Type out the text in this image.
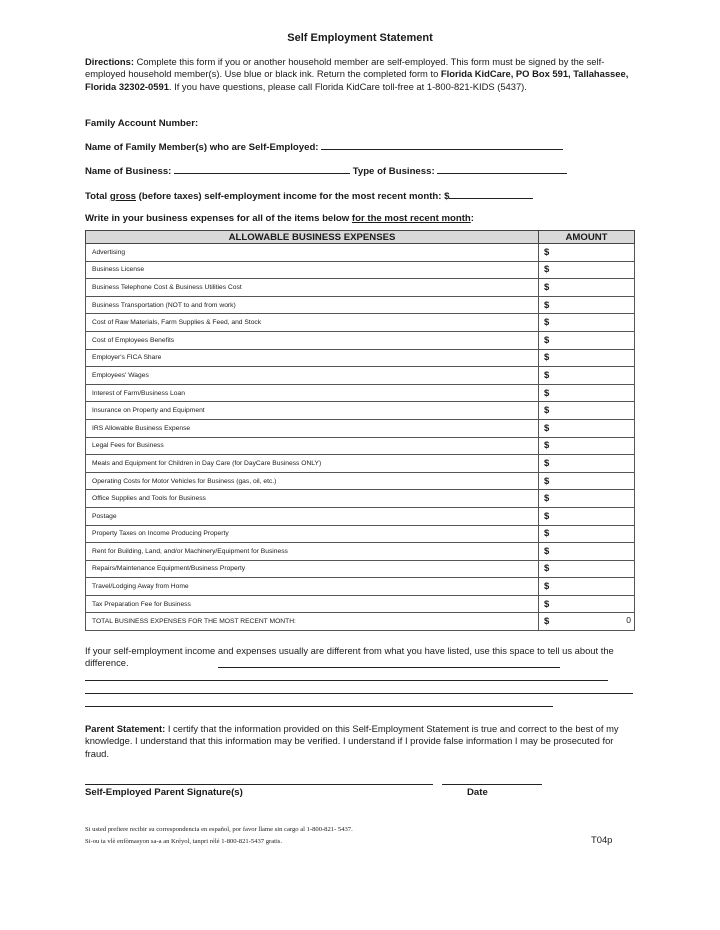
Self Employment Statement
Directions: Complete this form if you or another household member are self-employed. This form must be signed by the self-employed household member(s). Use blue or black ink. Return the completed form to Florida KidCare, PO Box 591, Tallahassee, Florida 32302-0591. If you have questions, please call Florida KidCare toll-free at 1-800-821-KIDS (5437).
Family Account Number:
Name of Family Member(s) who are Self-Employed:
Name of Business:	Type of Business:
Total gross (before taxes) self-employment income for the most recent month: $
Write in your business expenses for all of the items below for the most recent month:
ALLOWABLE BUSINESS EXPENSES	AMOUNT
Advertising	$
Business License	$
Business Telephone Cost & Business Utilities Cost	$
Business Transportation (NOT to and from work)	$
Cost of Raw Materials, Farm Supplies & Feed, and Stock	$
Cost of Employees Benefits	$
Employer's FICA Share	$
Employees' Wages	$
Interest of Farm/Business Loan	$
Insurance on Property and Equipment	$
IRS Allowable Business Expense	$
Legal Fees for Business	$
Meals and Equipment for Children in Day Care (for DayCare Business ONLY)	$
Operating Costs for Motor Vehicles for Business (gas, oil, etc.)	$
Office Supplies and Tools for Business	$
Postage	$
Property Taxes on Income Producing Property	$
Rent for Building, Land, and/or Machinery/Equipment for Business	$
Repairs/Maintenance Equipment/Business Property	$
Travel/Lodging Away from Home	$
Tax Preparation Fee for Business	$
TOTAL BUSINESS EXPENSES FOR THE MOST RECENT MONTH:	$ 0
If your self-employment income and expenses usually are different from what you have listed, use this space to tell us about the difference.
Parent Statement: I certify that the information provided on this Self-Employment Statement is true and correct to the best of my knowledge. I understand that this information may be verified. I understand if I provide false information I may be prosecuted for fraud.
Self-Employed Parent Signature(s)	Date
Si usted prefiere recibir su correspondencia en español, por favor llame sin cargo al 1-800-821- 5437.
Si-ou ta vlè enfòmasyon sa-a an Kréyol, tanpri rélé 1-800-821-5437 gratis.	T04p
